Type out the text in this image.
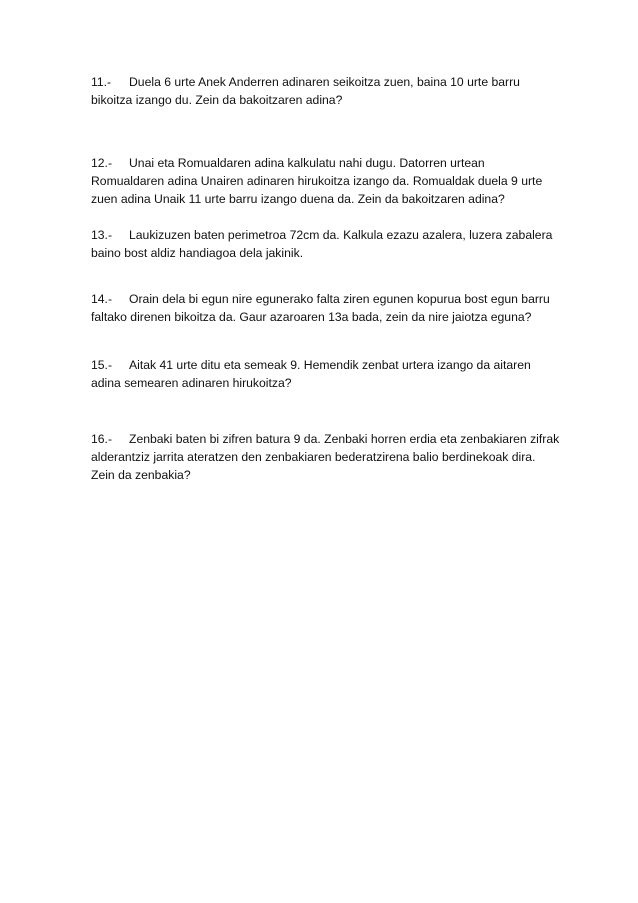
11.- Duela 6 urte Anek Anderren adinaren seikoitza zuen, baina 10 urte barru
bikoitza izango du. Zein da bakoitzaren adina?
12.- Unai eta Romualdaren adina kalkulatu nahi dugu. Datorren urtean
Romualdaren adina Unairen adinaren hirukoitza izango da. Romualdak duela 9 urte
zuen adina Unaik 11 urte barru izango duena da. Zein da bakoitzaren adina?
13.- Laukizuzen baten perimetroa 72cm da. Kalkula ezazu azalera, luzera zabalera
baino bost aldiz handiagoa dela jakinik.
14.- Orain dela bi egun nire egunerako falta ziren egunen kopurua bost egun barru
faltako direnen bikoitza da. Gaur azaroaren 13a bada, zein da nire jaiotza eguna?
15.- Aitak 41 urte ditu eta semeak 9. Hemendik zenbat urtera izango da aitaren
adina semearen adinaren hirukoitza?
16.- Zenbaki baten bi zifren batura 9 da. Zenbaki horren erdia eta zenbakiaren zifrak
alderantziz jarrita ateratzen den zenbakiaren bederatzirena balio berdinekoak dira.
Zein da zenbakia?
